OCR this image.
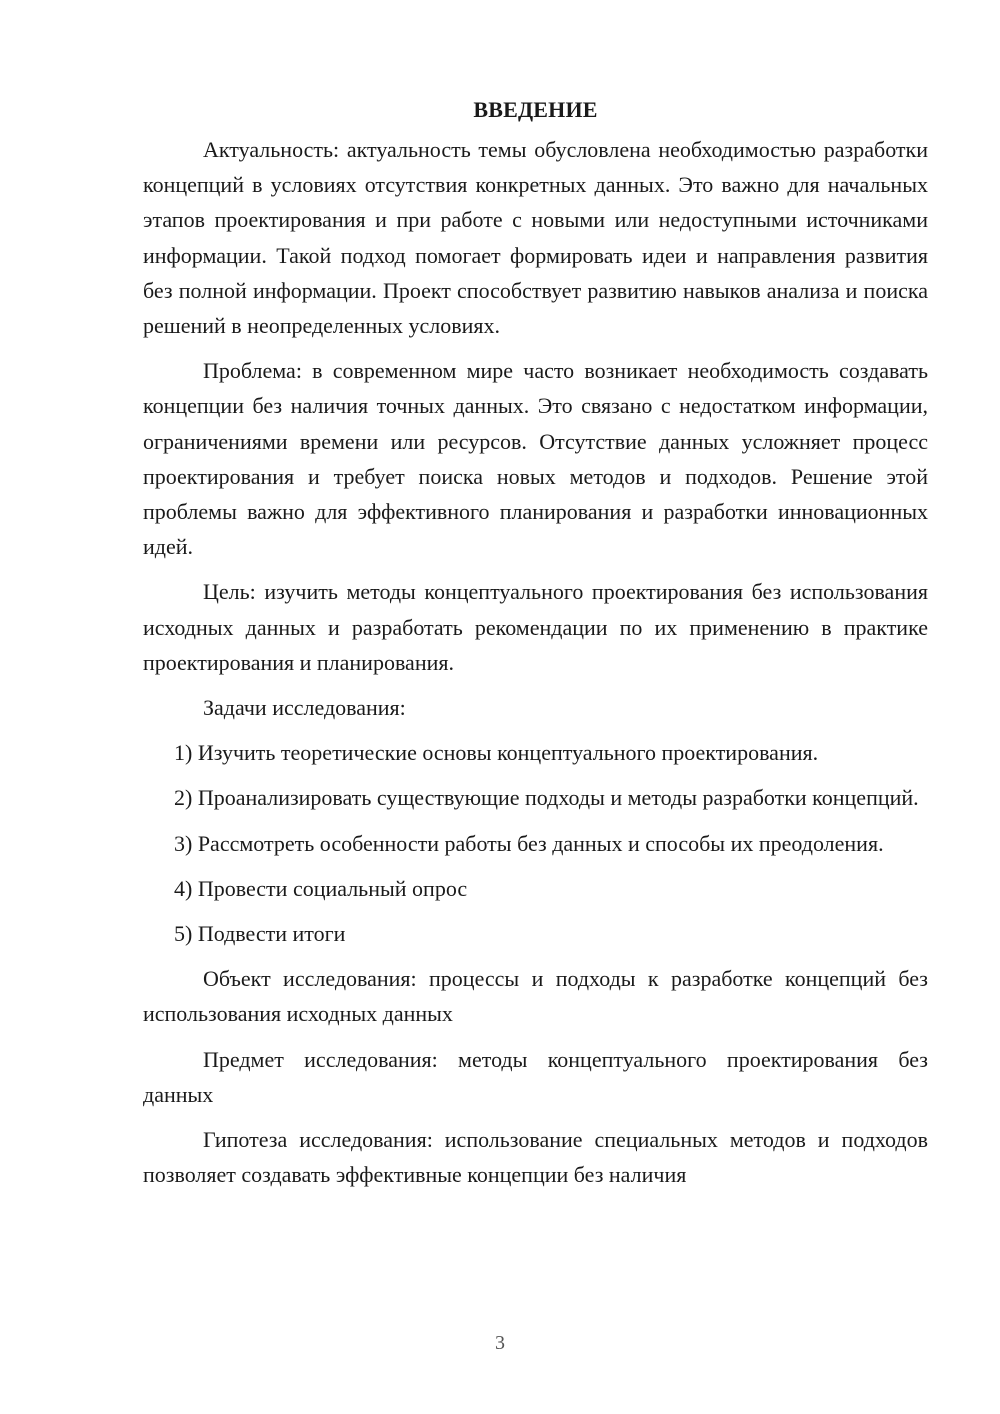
ВВЕДЕНИЕ

Актуальность: актуальность темы обусловлена необходимостью разработки концепций в условиях отсутствия конкретных данных. Это важно для начальных этапов проектирования и при работе с новыми или недоступными источниками информации. Такой подход помогает формировать идеи и направления развития без полной информации. Проект способствует развитию навыков анализа и поиска решений в неопределенных условиях.

Проблема: в современном мире часто возникает необходимость создавать концепции без наличия точных данных. Это связано с недостатком информации, ограничениями времени или ресурсов. Отсутствие данных усложняет процесс проектирования и требует поиска новых методов и подходов. Решение этой проблемы важно для эффективного планирования и разработки инновационных идей.

Цель: изучить методы концептуального проектирования без использования исходных данных и разработать рекомендации по их применению в практике проектирования и планирования.

Задачи исследования:

1) Изучить теоретические основы концептуального проектирования.

2) Проанализировать существующие подходы и методы разработки концепций.

3) Рассмотреть особенности работы без данных и способы их преодоления.

4) Провести социальный опрос

5) Подвести итоги

Объект исследования: процессы и подходы к разработке концепций без использования исходных данных

Предмет исследования: методы концептуального проектирования без данных

Гипотеза исследования: использование специальных методов и подходов позволяет создавать эффективные концепции без наличия

3
